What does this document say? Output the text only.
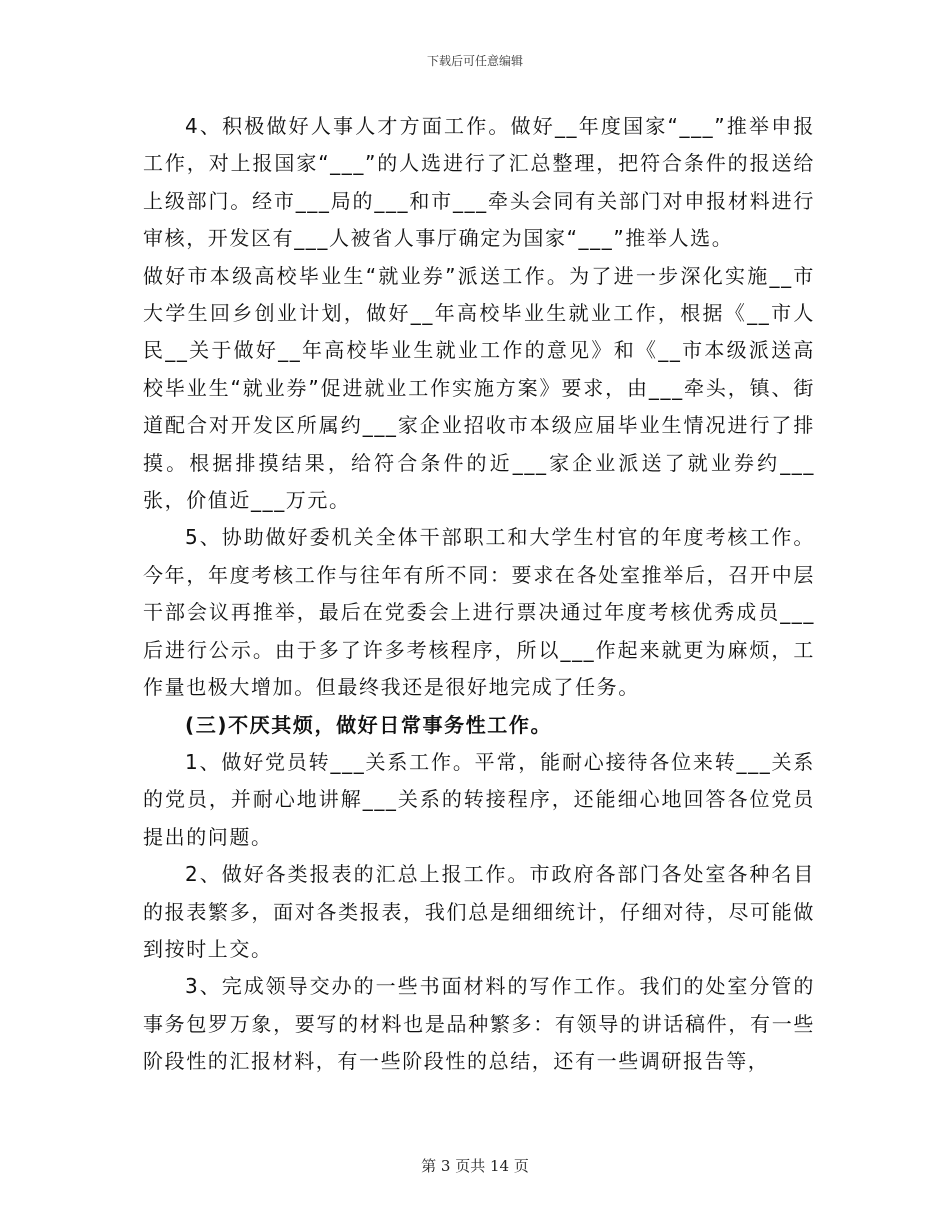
下载后可任意编辑

4、积极做好人事人才方面工作。做好__年度国家“___”推举申报工作，对上报国家“___”的人选进行了汇总整理，把符合条件的报送给上级部门。经市___局的___和市___牵头会同有关部门对申报材料进行审核，开发区有___人被省人事厅确定为国家“___”推举人选。

做好市本级高校毕业生“就业券”派送工作。为了进一步深化实施__市大学生回乡创业计划，做好__年高校毕业生就业工作，根据《__市人民__关于做好__年高校毕业生就业工作的意见》和《__市本级派送高校毕业生“就业券”促进就业工作实施方案》要求，由___牵头，镇、街道配合对开发区所属约___家企业招收市本级应届毕业生情况进行了排摸。根据排摸结果，给符合条件的近___家企业派送了就业券约___张，价值近___万元。

5、协助做好委机关全体干部职工和大学生村官的年度考核工作。今年，年度考核工作与往年有所不同：要求在各处室推举后，召开中层干部会议再推举，最后在党委会上进行票决通过年度考核优秀成员___后进行公示。由于多了许多考核程序，所以___作起来就更为麻烦，工作量也极大增加。但最终我还是很好地完成了任务。

(三)不厌其烦，做好日常事务性工作。

1、做好党员转___关系工作。平常，能耐心接待各位来转___关系的党员，并耐心地讲解___关系的转接程序，还能细心地回答各位党员提出的问题。

2、做好各类报表的汇总上报工作。市政府各部门各处室各种名目的报表繁多，面对各类报表，我们总是细细统计，仔细对待，尽可能做到按时上交。

3、完成领导交办的一些书面材料的写作工作。我们的处室分管的事务包罗万象，要写的材料也是品种繁多：有领导的讲话稿件，有一些阶段性的汇报材料，有一些阶段性的总结，还有一些调研报告等，

第 3 页共 14 页
